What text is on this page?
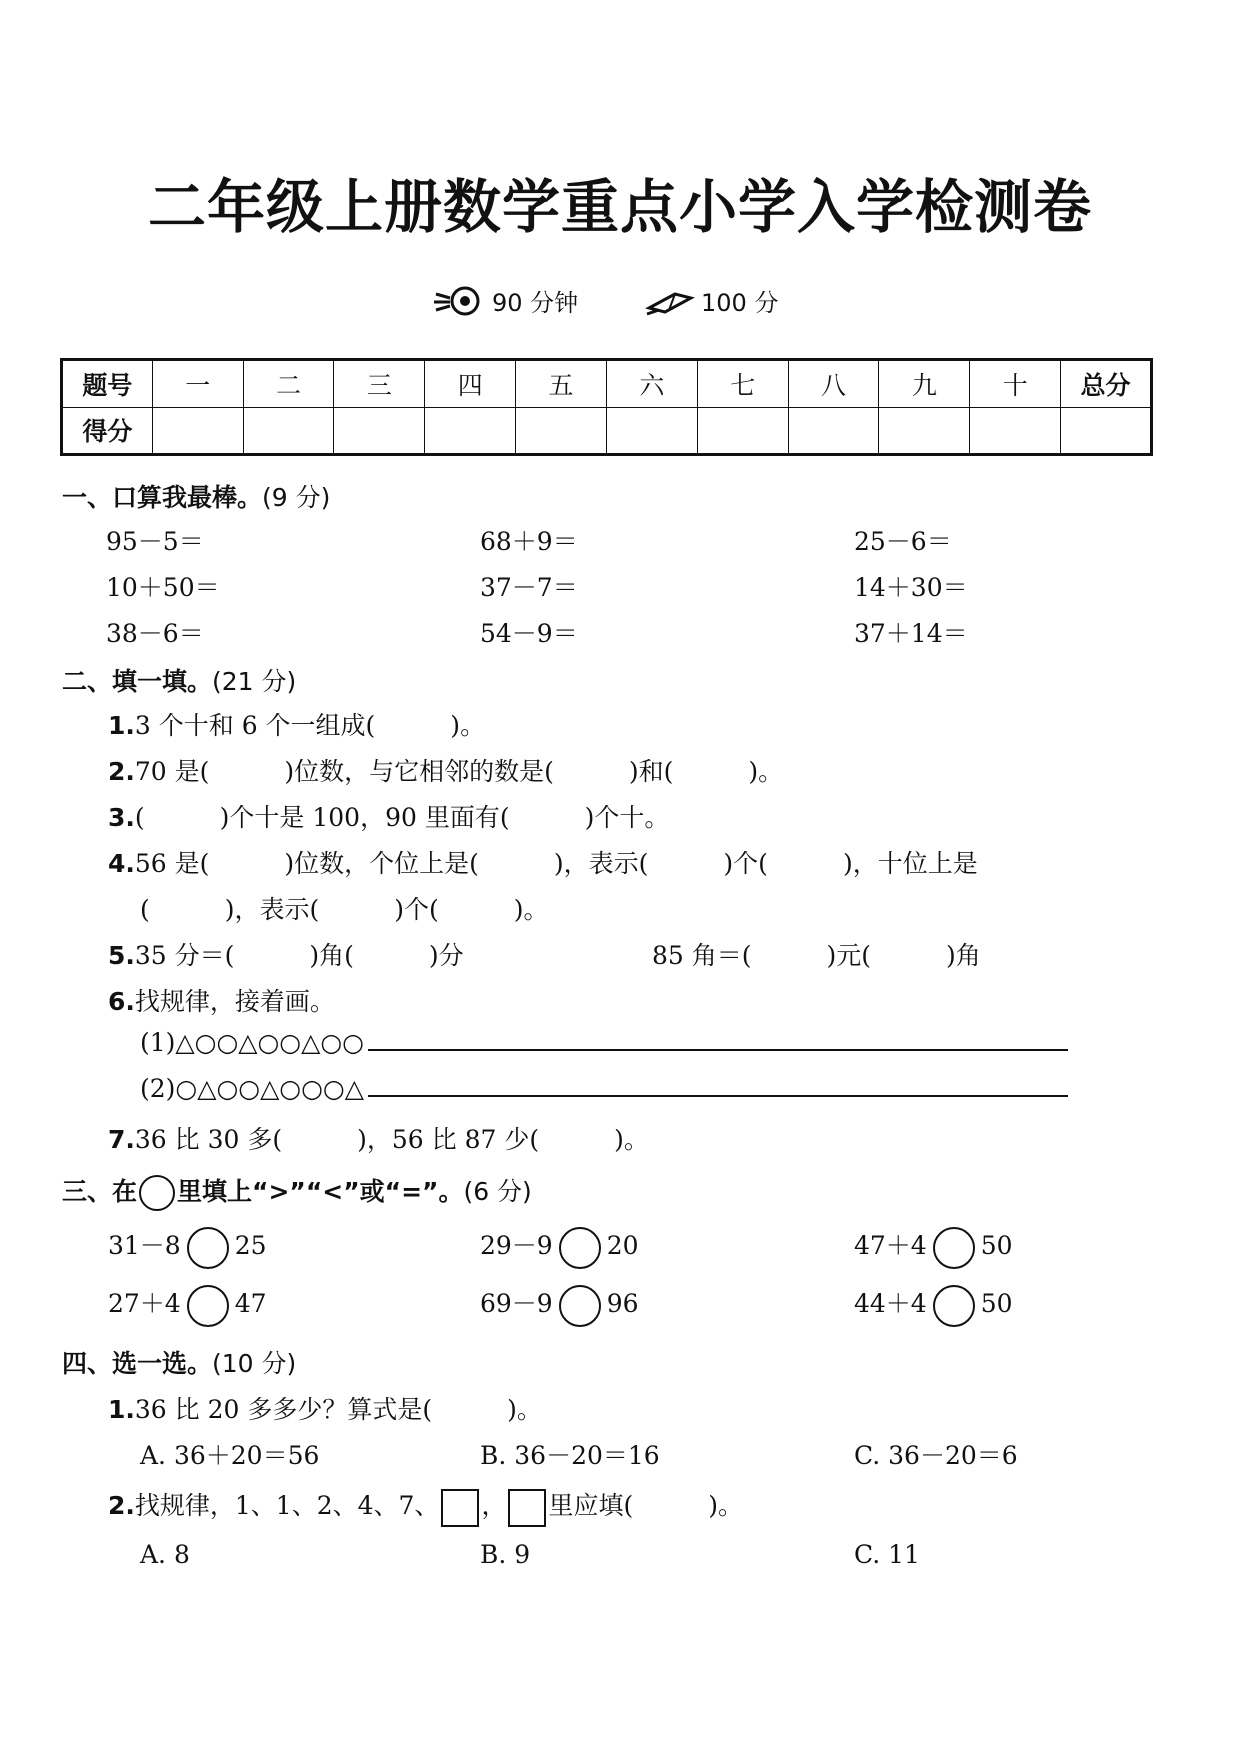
二年级上册数学重点小学入学检测卷
90 分钟	100 分
题号	一	二	三	四	五	六	七	八	九	十	总分
得分											
一、口算我最棒。(9 分)
95－5＝	68＋9＝	25－6＝
10＋50＝	37－7＝	14＋30＝
38－6＝	54－9＝	37＋14＝
二、填一填。(21 分)
1.3 个十和 6 个一组成(　　　)。
2.70 是(　　　)位数，与它相邻的数是(　　　)和(　　　)。
3.(　　　)个十是 100，90 里面有(　　　)个十。
4.56 是(　　　)位数，个位上是(　　　)，表示(　　　)个(　　　)，十位上是
(　　　)，表示(　　　)个(　　　)。
5.35 分＝(　　　)角(　　　)分	85 角＝(　　　)元(　　　)角
6.找规律，接着画。
(1)△○○△○○△○○
(2)○△○○△○○○△
7.36 比 30 多(　　　)，56 比 87 少(　　　)。
三、在 里填上“>”“<”或“=”。(6 分)
31－8 25	29－9 20	47＋4 50
27＋4 47	69－9 96	44＋4 50
四、选一选。(10 分)
1.36 比 20 多多少？算式是(　　　)。
A. 36＋20＝56	B. 36－20＝16	C. 36－20＝6
2.找规律，1、1、2、4、7、 ， 里应填(　　　)。
A. 8	B. 9	C. 11
